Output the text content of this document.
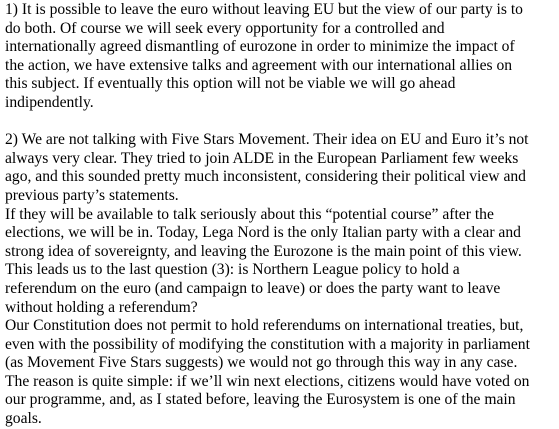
1) It is possible to leave the euro without leaving EU but the view of our party is to
do both. Of course we will seek every opportunity for a controlled and
internationally agreed dismantling of eurozone in order to minimize the impact of
the action, we have extensive talks and agreement with our international allies on
this subject. If eventually this option will not be viable we will go ahead
indipendently.
2) We are not talking with Five Stars Movement. Their idea on EU and Euro it’s not
always very clear. They tried to join ALDE in the European Parliament few weeks
ago, and this sounded pretty much inconsistent, considering their political view and
previous party’s statements.
If they will be available to talk seriously about this “potential course” after the
elections, we will be in. Today, Lega Nord is the only Italian party with a clear and
strong idea of sovereignty, and leaving the Eurozone is the main point of this view.
This leads us to the last question (3): is Northern League policy to hold a
referendum on the euro (and campaign to leave) or does the party want to leave
without holding a referendum?
Our Constitution does not permit to hold referendums on international treaties, but,
even with the possibility of modifying the constitution with a majority in parliament
(as Movement Five Stars suggests) we would not go through this way in any case.
The reason is quite simple: if we’ll win next elections, citizens would have voted on
our programme, and, as I stated before, leaving the Eurosystem is one of the main
goals.
